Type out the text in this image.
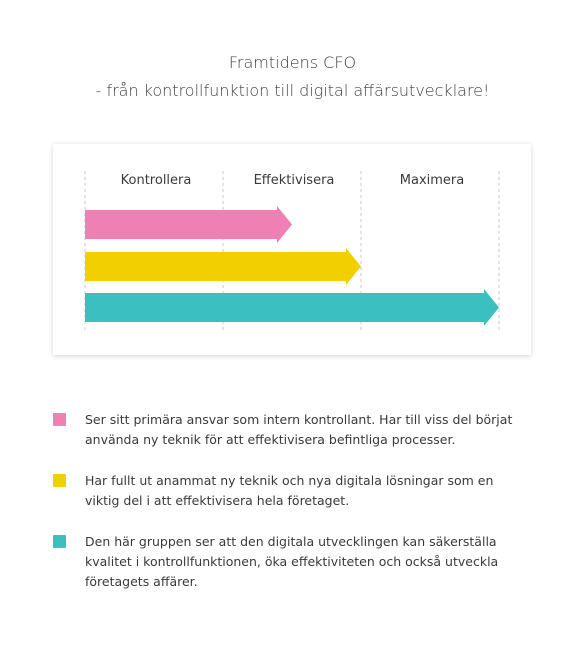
Framtidens CFO
- från kontrollfunktion till digital affärsutvecklare!
Kontrollera	Effektivisera	Maximera
Ser sitt primära ansvar som intern kontrollant. Har till viss del börjat använda ny teknik för att effektivisera befintliga processer.
Har fullt ut anammat ny teknik och nya digitala lösningar som en viktig del i att effektivisera hela företaget.
Den här gruppen ser att den digitala utvecklingen kan säkerställa kvalitet i kontrollfunktionen, öka effektiviteten och också utveckla företagets affärer.
